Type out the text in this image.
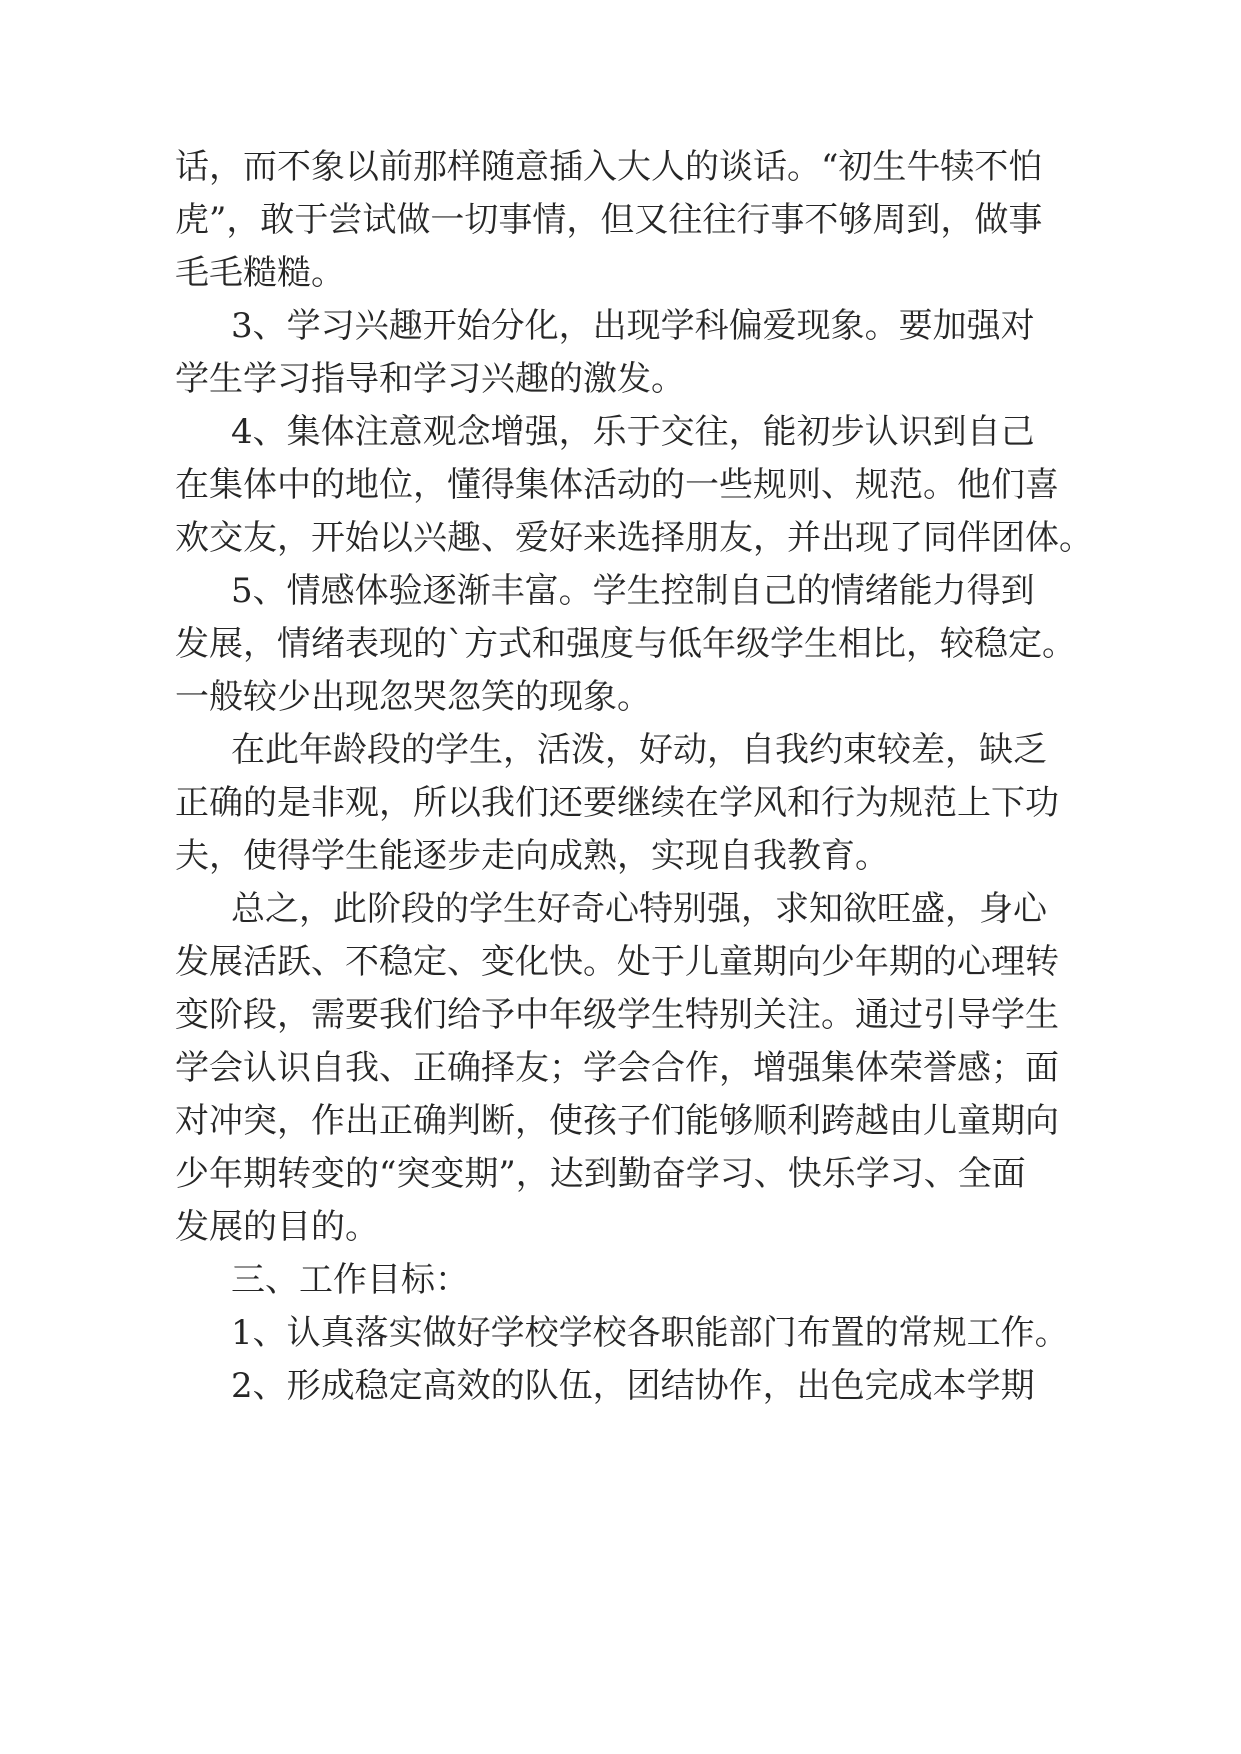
话，而不象以前那样随意插入大人的谈话。“初生牛犊不怕
虎”，敢于尝试做一切事情，但又往往行事不够周到，做事
毛毛糙糙。
3、学习兴趣开始分化，出现学科偏爱现象。要加强对
学生学习指导和学习兴趣的激发。
4、集体注意观念增强，乐于交往，能初步认识到自己
在集体中的地位，懂得集体活动的一些规则、规范。他们喜
欢交友，开始以兴趣、爱好来选择朋友，并出现了同伴团体。
5、情感体验逐渐丰富。学生控制自己的情绪能力得到
发展，情绪表现的`方式和强度与低年级学生相比，较稳定。
一般较少出现忽哭忽笑的现象。
在此年龄段的学生，活泼，好动，自我约束较差，缺乏
正确的是非观，所以我们还要继续在学风和行为规范上下功
夫，使得学生能逐步走向成熟，实现自我教育。
总之，此阶段的学生好奇心特别强，求知欲旺盛，身心
发展活跃、不稳定、变化快。处于儿童期向少年期的心理转
变阶段，需要我们给予中年级学生特别关注。通过引导学生
学会认识自我、正确择友；学会合作，增强集体荣誉感；面
对冲突，作出正确判断，使孩子们能够顺利跨越由儿童期向
少年期转变的“突变期”，达到勤奋学习、快乐学习、全面
发展的目的。
三、工作目标：
1、认真落实做好学校学校各职能部门布置的常规工作。
2、形成稳定高效的队伍，团结协作，出色完成本学期
